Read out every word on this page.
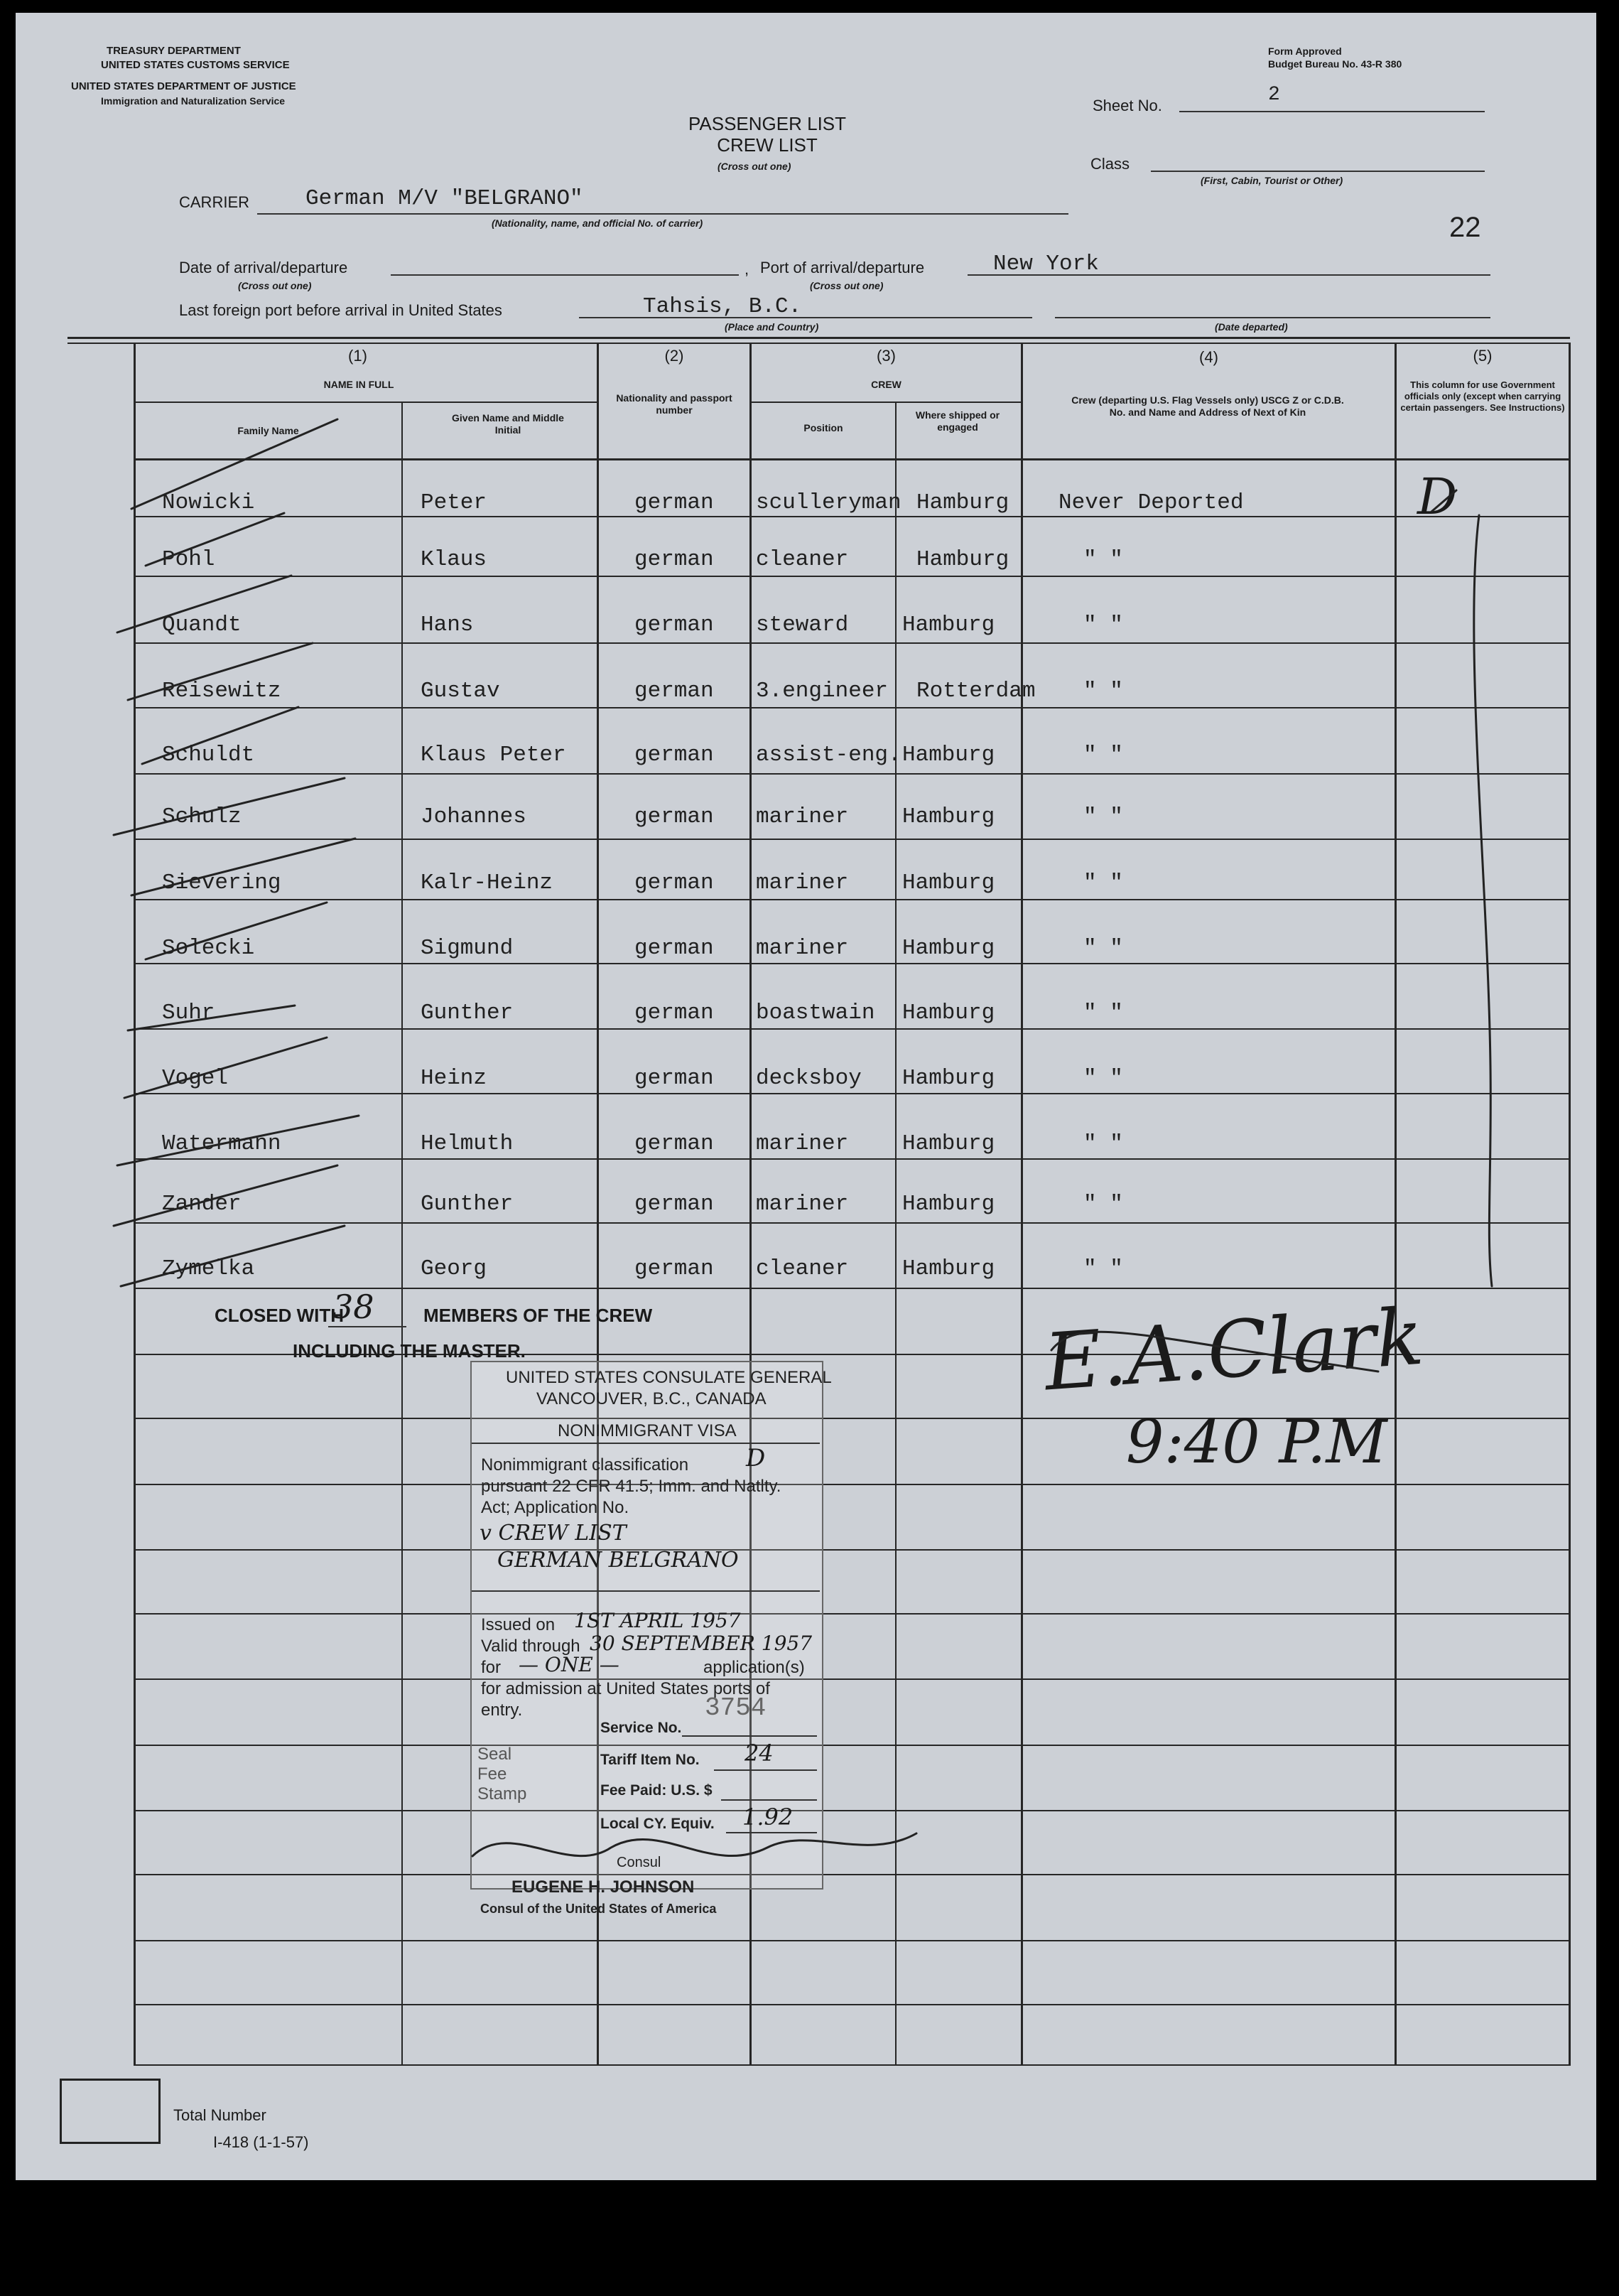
TREASURY DEPARTMENT
UNITED STATES CUSTOMS SERVICE
UNITED STATES DEPARTMENT OF JUSTICE
Immigration and Naturalization Service
Form Approved
Budget Bureau No. 43-R 380
PASSENGER LIST
CREW LIST
(Cross out one)
Sheet No.	2
Class
(First, Cabin, Tourist or Other)
22
CARRIER	German M/V "BELGRANO"
(Nationality, name, and official No. of carrier)
Date of arrival/departure
(Cross out one)
, Port of arrival/departure	New York
(Cross out one)
Last foreign port before arrival in United States	Tahsis, B.C.
(Place and Country)	(Date departed)
(1)
NAME IN FULL
Family Name
Given Name and Middle Initial
(2)
Nationality and passport number
(3)
CREW
Position
Where shipped or engaged
(4)
Crew (departing U.S. Flag Vessels only) USCG Z or C.D.B. No. and Name and Address of Next of Kin
(5)
This column for use Government officials only (except when carrying certain passengers. See Instructions)
Nowicki	Peter	german sculleryman Hamburg Never Deported
Pohl	Klaus	german cleaner	Hamburg	" "
Quandt	Hans	german steward Hamburg	" "
Reisewitz	Gustav	german 3.engineer Rotterdam " "
Schuldt	Klaus Peter	german assist-eng. Hamburg	" "
Schulz	Johannes	german mariner Hamburg	" "
Sievering	Kalr-Heinz	german mariner Hamburg	" "
Solecki	Sigmund	german mariner Hamburg	" "
Suhr	Gunther	german boastwain Hamburg	" "
Vogel	Heinz	german decksboy Hamburg	" "
Watermann	Helmuth	german mariner Hamburg	" "
Zander	Gunther	german mariner Hamburg	" "
Zymelka	Georg	german cleaner Hamburg	" "
CLOSED WITH
38	MEMBERS OF THE CREW
INCLUDING THE MASTER.
UNITED STATES CONSULATE GENERAL
VANCOUVER, B.C., CANADA
NONIMMIGRANT VISA
Nonimmigrant classification D
pursuant 22 CFR 41.5; Imm. and Natlty.
Act; Application No.
v CREW LIST
GERMAN BELGRANO
Issued on 1ST APRIL 1957
Valid through 30 SEPTEMBER 1957
for — ONE —	application(s)
for admission at United States ports of
entry.	3754
Service No.
Seal
Fee
Stamp
Tariff Item No. 24
Fee Paid: U.S. $
Local CY. Equiv. 1.92
Consul
EUGENE H. JOHNSON
Consul of the United States of America
E.A.Clark
9:40 P.M
D
Total Number
I-418 (1-1-57)
